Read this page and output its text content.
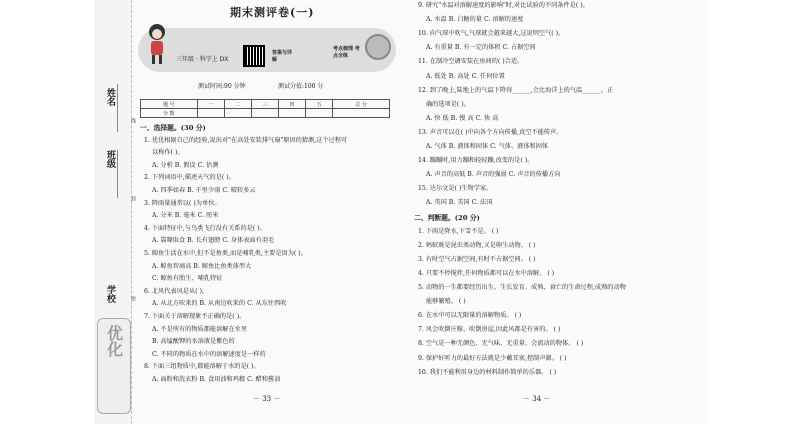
姓名
班级
学校
线
封
密
优化
期末测评卷(一)
三年级 · 科学上 DX
答案与详解
考点梳理 考点全练
测试时间:90 分钟	测试分值:100 分
题 号	一	二	三	四	五	总 分
分 数						
一、选择题。(30 分)
1. 优优根据自己的经验,说出对"在高处安装排气扇"原因的猜测,这个过程可
以称作( )。
A. 分析 B. 假设 C. 估测
2. 下列词语中,描述天气的是( )。
A. 四季如春 B. 千里少雨 C. 晴转多云
3. 降雨量通常以( )为单位。
A. 分米 B. 毫米 C. 厘米
4. 下面特征中,与鸟类飞行没有关系的是( )。
A. 靠喙取食 B. 长有翅膀 C. 身体表面有羽毛
5. 鲸鱼生活在水中,但不是鱼类,而是哺乳类,主要是因为( )。
A. 鲸鱼智商高 B. 鲸鱼比鱼类体型大
C. 鲸鱼有胎生、哺乳特征
6. 北风代表风是从( )。
A. 从北方吹来的 B. 从南边吹来的 C. 从东往西吹
7. 下面关于溶解现象不正确的是( )。
A. 不是所有的物质都能溶解在水里
B. 高锰酸钾的水溶液是紫色的
C. 不同的物质在水中的溶解速度是一样的
8. 下面三组物质中,都能溶解于水的是( )。
A. 面粉和洗衣粉 B. 食用油和鸡精 C. 醋和酱油
9. 研究"水温对溶解速度的影响"时,对比试验的不同条件是( )。
A. 水温 B. 白糖的量 C. 溶解的速度
10. 向气球中吹气,气球就会越来越大,这说明空气( )。
A. 有重量 B. 有一定的体积 C. 占据空间
11. 在制冷空调安装在房间的( )合适。
A. 低处 B. 高处 C. 任何位置
12. 到了晚上,陆地上的气温下降得______,会比海洋上的气温______。正
确的选项是( )。
A. 快 低 B. 慢 高 C. 快 高
13. 声音可以在( )中向各个方向传播,真空不能传声。
A. 气体 B. 液体和固体 C. 气体、液体和固体
14. 蹦蹦时,用力蹦和轻轻蹦,改变的是( )。
A. 声音的高低 B. 声音的强弱 C. 声音的传播方向
15. 达尔文是( )生物学家。
A. 英国 B. 美国 C. 法国
二、判断题。(20 分)
1. 下雨是降水,下雪不是。 ( )
2. 蚂蚁既是昆虫类动物,又是卵生动物。 ( )
3. 有时空气占据空间,有时不占据空间。 ( )
4. 只要不停搅拌,任何物质都可以在水中溶解。 ( )
5. 动物的一生都要经历出生、生长发育、成熟、衰亡的生命过程,成熟的动物
能够繁殖。 ( )
6. 在水中可以无限量的溶解物质。 ( )
7. 风会吹倒庄稼、吹倒房屋,因此风都是有害的。 ( )
8. 空气是一种无颜色、无气味、无重量、会流动的物体。 ( )
9. 保护好听力的最好方法就是少戴耳塞,控制声源。 ( )
10. 我们不能利用身边的材料制作简单的乐器。 ( )
－ 33 －	－ 34 －
